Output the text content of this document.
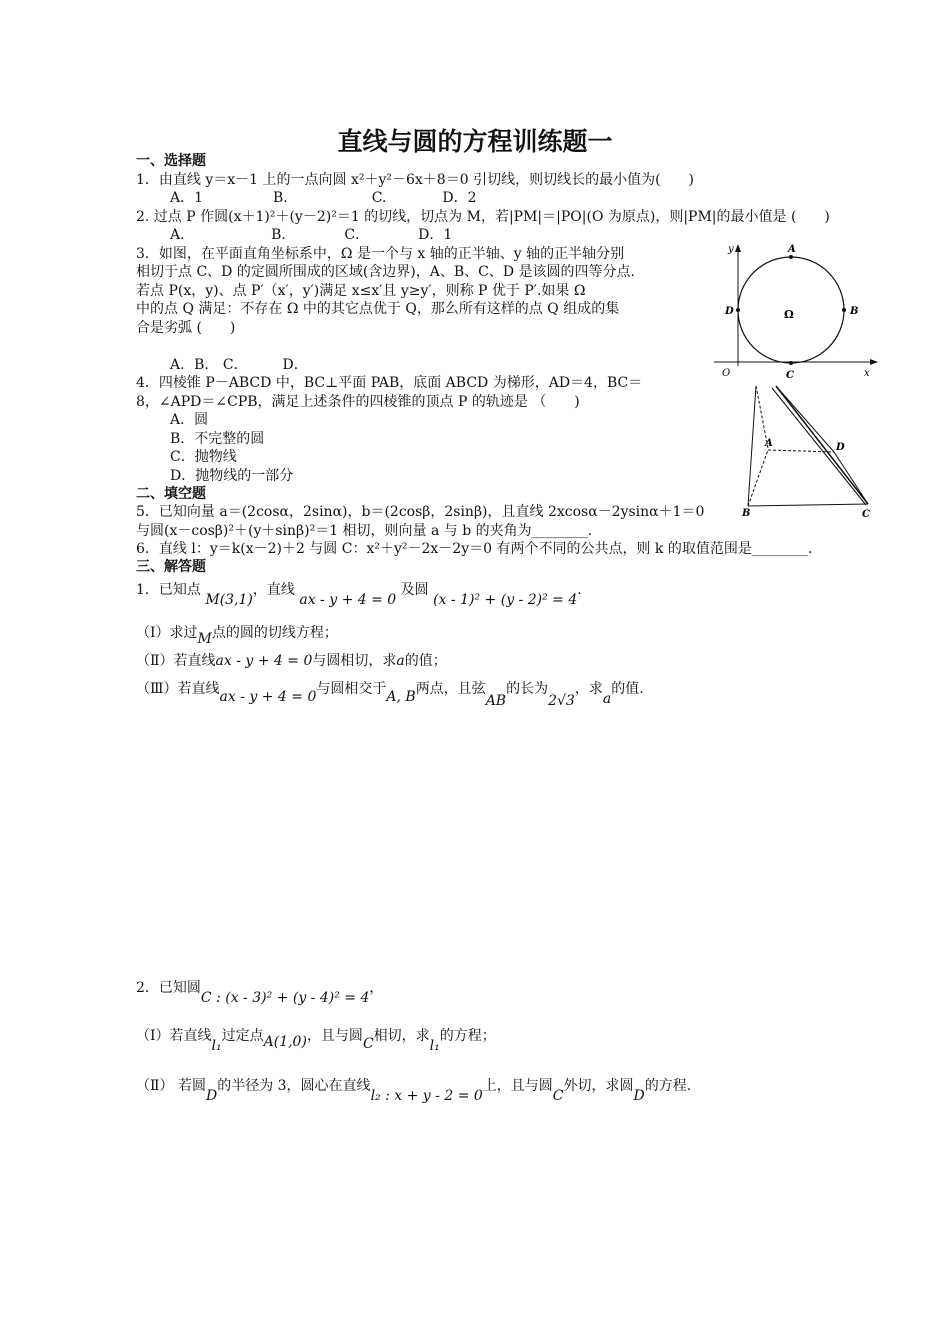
直线与圆的方程训练题一
一、选择题
1．由直线 y＝x－1 上的一点向圆 x²＋y²－6x＋8＝0 引切线，则切线长的最小值为(　　)
A．1　　　　　B.　　　　　　C.　　　　D．2
2. 过点 P 作圆(x＋1)²＋(y－2)²＝1 的切线，切点为 M，若|PM|＝|PO|(O 为原点)，则|PM|的最小值是 (　　)
A．　　　　　　B．　　　　C．　　　　D．1
3．如图，在平面直角坐标系中，Ω 是一个与 x 轴的正半轴、y 轴的正半轴分别
相切于点 C、D 的定圆所围成的区域(含边界)，A、B、C、D 是该圆的四等分点.
若点 P(x，y)、点 P′（x′，y′)满足 x≤x′且 y≥y′，则称 P 优于 P′.如果 Ω
中的点 Q 满足：不存在 Ω 中的其它点优于 Q，那么所有这样的点 Q 组成的集
合是劣弧 (　　)
A．B． C．　　　D．
4．四棱锥 P－ABCD 中，BC⊥平面 PAB，底面 ABCD 为梯形，AD＝4，BC＝
8，∠APD＝∠CPB，满足上述条件的四棱锥的顶点 P 的轨迹是 （　　)
A．圆
B．不完整的圆
C．抛物线
D．抛物线的一部分
二、填空题
5．已知向量 a＝(2cosα，2sinα)，b＝(2cosβ，2sinβ)，且直线 2xcosα－2ysinα＋1＝0
与圆(x－cosβ)²＋(y＋sinβ)²＝1 相切，则向量 a 与 b 的夹角为________.
6．直线 l：y＝k(x－2)＋2 与圆 C：x²＋y²－2x－2y＝0 有两个不同的公共点，则 k 的取值范围是________.
三、解答题
1．已知点 M(3,1)，直线 ax - y + 4 = 0 及圆 (x - 1)² + (y - 2)² = 4.
（Ⅰ）求过M点的圆的切线方程；
（Ⅱ）若直线ax - y + 4 = 0与圆相切，求a的值；
（Ⅲ）若直线ax - y + 4 = 0与圆相交于A, B两点，且弦AB的长为2√3，求a的值.
2．已知圆C : (x - 3)² + (y - 4)² = 4，
（Ⅰ）若直线l₁过定点A(1,0)，且与圆C相切，求l₁的方程；
（Ⅱ） 若圆D的半径为 3，圆心在直线l₂ : x + y - 2 = 0上，且与圆C外切，求圆D的方程.
y
x
O
A
B
C
D	Ω
A
B	C
D
